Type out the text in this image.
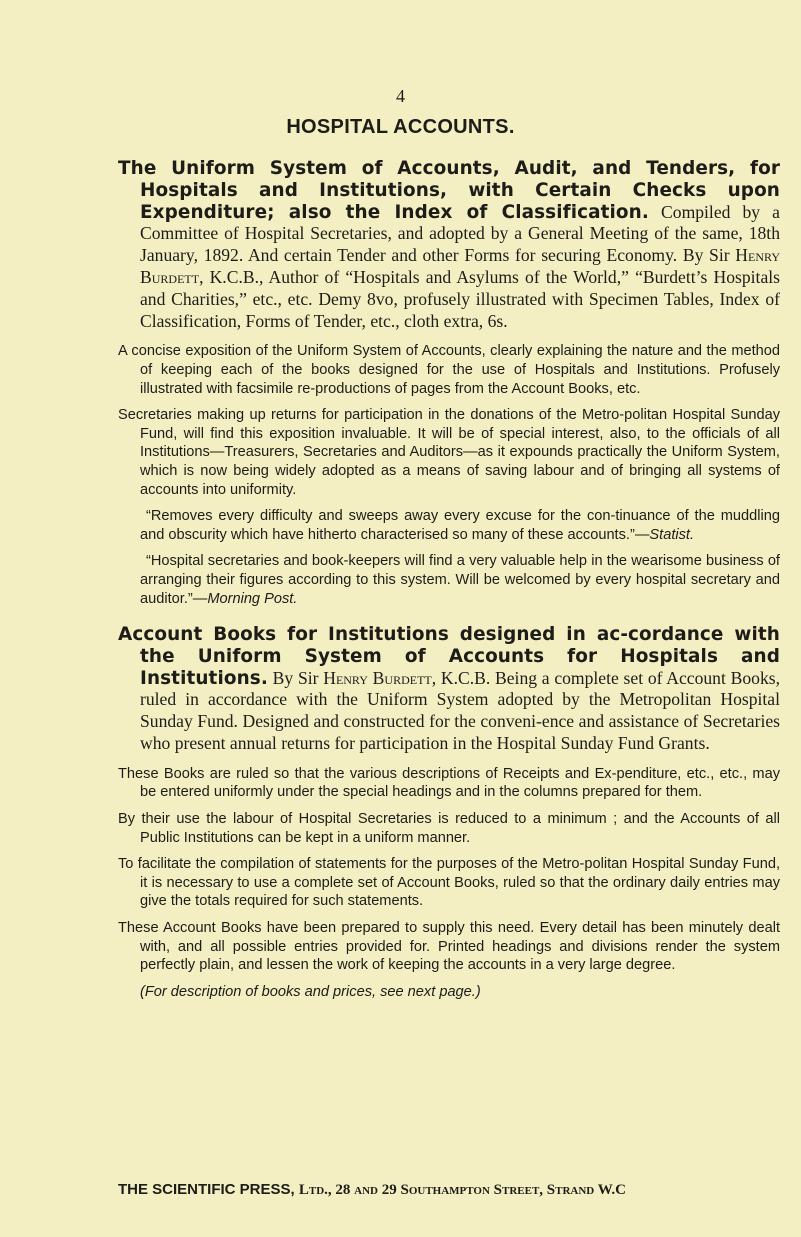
4
HOSPITAL ACCOUNTS.

The Uniform System of Accounts, Audit, and Tenders, for Hospitals and Institutions, with Certain Checks upon Expenditure; also the Index of Classification. Compiled by a Committee of Hospital Secretaries, and adopted by a General Meeting of the same, 18th January, 1892. And certain Tender and other Forms for securing Economy. By Sir Henry Burdett, K.C.B., Author of “Hospitals and Asylums of the World,” “Burdett’s Hospitals and Charities,” etc., etc. Demy 8vo, profusely illustrated with Specimen Tables, Index of Classification, Forms of Tender, etc., cloth extra, 6s.

A concise exposition of the Uniform System of Accounts, clearly explaining the nature and the method of keeping each of the books designed for the use of Hospitals and Institutions. Profusely illustrated with facsimile re-productions of pages from the Account Books, etc.

Secretaries making up returns for participation in the donations of the Metro-politan Hospital Sunday Fund, will find this exposition invaluable. It will be of special interest, also, to the officials of all Institutions—Treasurers, Secretaries and Auditors—as it expounds practically the Uniform System, which is now being widely adopted as a means of saving labour and of bringing all systems of accounts into uniformity.

“Removes every difficulty and sweeps away every excuse for the con-tinuance of the muddling and obscurity which have hitherto characterised so many of these accounts.”—Statist.

“Hospital secretaries and book-keepers will find a very valuable help in the wearisome business of arranging their figures according to this system. Will be welcomed by every hospital secretary and auditor.”—Morning Post.

Account Books for Institutions designed in ac-cordance with the Uniform System of Accounts for Hospitals and Institutions. By Sir Henry Burdett, K.C.B. Being a complete set of Account Books, ruled in accordance with the Uniform System adopted by the Metropolitan Hospital Sunday Fund. Designed and constructed for the conveni-ence and assistance of Secretaries who present annual returns for participation in the Hospital Sunday Fund Grants.

These Books are ruled so that the various descriptions of Receipts and Ex-penditure, etc., etc., may be entered uniformly under the special headings and in the columns prepared for them.

By their use the labour of Hospital Secretaries is reduced to a minimum ; and the Accounts of all Public Institutions can be kept in a uniform manner.

To facilitate the compilation of statements for the purposes of the Metro-politan Hospital Sunday Fund, it is necessary to use a complete set of Account Books, ruled so that the ordinary daily entries may give the totals required for such statements.

These Account Books have been prepared to supply this need. Every detail has been minutely dealt with, and all possible entries provided for. Printed headings and divisions render the system perfectly plain, and lessen the work of keeping the accounts in a very large degree.

(For description of books and prices, see next page.)

THE SCIENTIFIC PRESS, Ltd., 28 and 29 Southampton Street, Strand W.C
